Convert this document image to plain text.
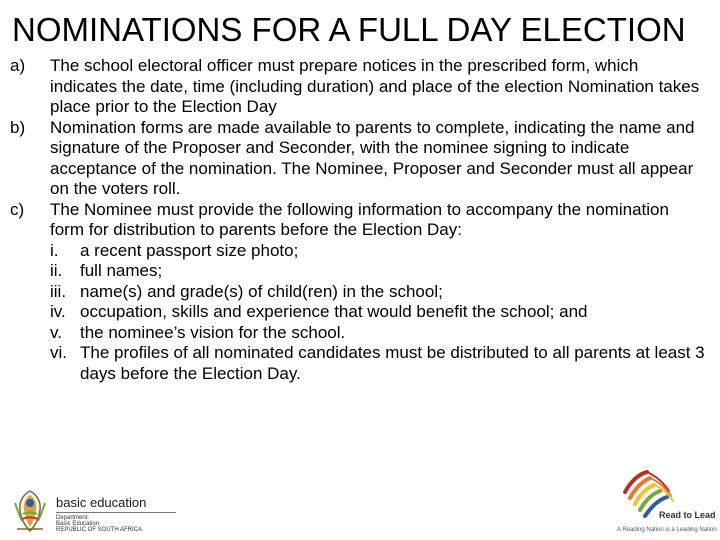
NOMINATIONS FOR A FULL DAY ELECTION
a)	The school electoral officer must prepare notices in the prescribed form, which indicates the date, time (including duration) and place of the election Nomination takes place prior to the Election Day
b)	Nomination forms are made available to parents to complete, indicating the name and signature of the Proposer and Seconder, with the nominee signing to indicate acceptance of the nomination. The Nominee, Proposer and Seconder must all appear on the voters roll.
c)	The Nominee must provide the following information to accompany the nomination form for distribution to parents before the Election Day:
i.	a recent passport size photo;
ii.	full names;
iii. name(s) and grade(s) of child(ren) in the school;
iv. occupation, skills and experience that would benefit the school; and
v.	the nominee’s vision for the school.
vi. The profiles of all nominated candidates must be distributed to all parents at least 3 days before the Election Day.
basic education
Department:
Basic Education
REPUBLIC OF SOUTH AFRICA
Read to Lead
A Reading Nation is a Leading Nation
